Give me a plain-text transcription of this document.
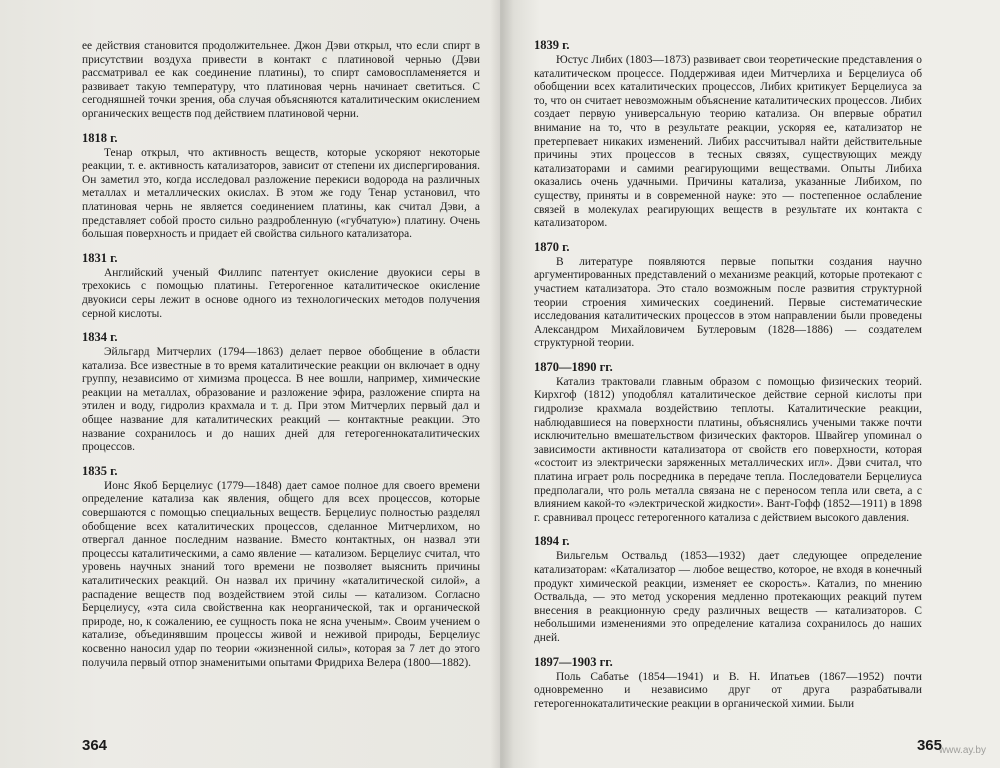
ее действия становится продолжительнее. Джон Дэви открыл, что если спирт в присутствии воздуха привести в контакт с платиновой чернью (Дэви рассматривал ее как соединение платины), то спирт самовоспламеняется и развивает такую температуру, что платиновая чернь начинает светиться. С сегодняшней точки зрения, оба случая объясняются каталитическим окислением органических веществ под действием платиновой черни.

1818 г.

Тенар открыл, что активность веществ, которые ускоряют некоторые реакции, т. е. активность катализаторов, зависит от степени их диспергирования. Он заметил это, когда исследовал разложение перекиси водорода на различных металлах и металлических окислах. В этом же году Тенар установил, что платиновая чернь не является соединением платины, как считал Дэви, а представляет собой просто сильно раздробленную («губчатую») платину. Очень большая поверхность и придает ей свойства сильного катализатора.

1831 г.

Английский ученый Филлипс патентует окисление двуокиси серы в трехокись с помощью платины. Гетерогенное каталитическое окисление двуокиси серы лежит в основе одного из технологических методов получения серной кислоты.

1834 г.

Эйльгард Митчерлих (1794—1863) делает первое обобщение в области катализа. Все известные в то время каталитические реакции он включает в одну группу, независимо от химизма процесса. В нее вошли, например, химические реакции на металлах, образование и разложение эфира, разложение спирта на этилен и воду, гидролиз крахмала и т. д. При этом Митчерлих первый дал и общее название для каталитических реакций — контактные реакции. Это название сохранилось и до наших дней для гетерогеннокаталитических процессов.

1835 г.

Ионс Якоб Берцелиус (1779—1848) дает самое полное для своего времени определение катализа как явления, общего для всех процессов, которые совершаются с помощью специальных веществ. Берцелиус полностью разделял обобщение всех каталитических процессов, сделанное Митчерлихом, но отвергал данное последним название. Вместо контактных, он назвал эти процессы каталитическими, а само явление — катализом. Берцелиус считал, что уровень научных знаний того времени не позволяет выяснить причины каталитических реакций. Он назвал их причину «каталитической силой», а распадение веществ под воздействием этой силы — катализом. Согласно Берцелиусу, «эта сила свойственна как неорганической, так и органической природе, но, к сожалению, ее сущность пока не ясна ученым». Своим учением о катализе, объединявшим процессы живой и неживой природы, Берцелиус косвенно наносил удар по теории «жизненной силы», которая за 7 лет до этого получила первый отпор знаменитыми опытами Фридриха Велера (1800—1882).

364
1839 г.

Юстус Либих (1803—1873) развивает свои теоретические представления о каталитическом процессе. Поддерживая идеи Митчерлиха и Берцелиуса об обобщении всех каталитических процессов, Либих критикует Берцелиуса за то, что он считает невозможным объяснение каталитических процессов. Либих создает первую универсальную теорию катализа. Он впервые обратил внимание на то, что в результате реакции, ускоряя ее, катализатор не претерпевает никаких изменений. Либих рассчитывал найти действительные причины этих процессов в тесных связях, существующих между катализаторами и самими реагирующими веществами. Опыты Либиха оказались очень удачными. Причины катализа, указанные Либихом, по существу, приняты и в современной науке: это — постепенное ослабление связей в молекулах реагирующих веществ в результате их контакта с катализатором.

1870 г.

В литературе появляются первые попытки создания научно аргументированных представлений о механизме реакций, которые протекают с участием катализатора. Это стало возможным после развития структурной теории строения химических соединений. Первые систематические исследования каталитических процессов в этом направлении были проведены Александром Михайловичем Бутлеровым (1828—1886) — создателем структурной теории.

1870—1890 гг.

Катализ трактовали главным образом с помощью физических теорий. Кирхгоф (1812) уподоблял каталитическое действие серной кислоты при гидролизе крахмала воздействию теплоты. Каталитические реакции, наблюдавшиеся на поверхности платины, объяснялись учеными также почти исключительно вмешательством физических факторов. Швайгер упоминал о зависимости активности катализатора от свойств его поверхности, которая «состоит из электрически заряженных металлических игл». Дэви считал, что платина играет роль посредника в передаче тепла. Последователи Берцелиуса предполагали, что роль металла связана не с переносом тепла или света, а с влиянием какой-то «электрической жидкости». Вант-Гофф (1852—1911) в 1898 г. сравнивал процесс гетерогенного катализа с действием высокого давления.

1894 г.

Вильгельм Оствальд (1853—1932) дает следующее определение катализаторам: «Катализатор — любое вещество, которое, не входя в конечный продукт химической реакции, изменяет ее скорость». Катализ, по мнению Оствальда, — это метод ускорения медленно протекающих реакций путем внесения в реакционную среду различных веществ — катализаторов. С небольшими изменениями это определение катализа сохранилось до наших дней.

1897—1903 гг.

Поль Сабатье (1854—1941) и В. Н. Ипатьев (1867—1952) почти одновременно и независимо друг от друга разрабатывали гетерогеннокаталитические реакции в органической химии. Были

365
www.ay.by
